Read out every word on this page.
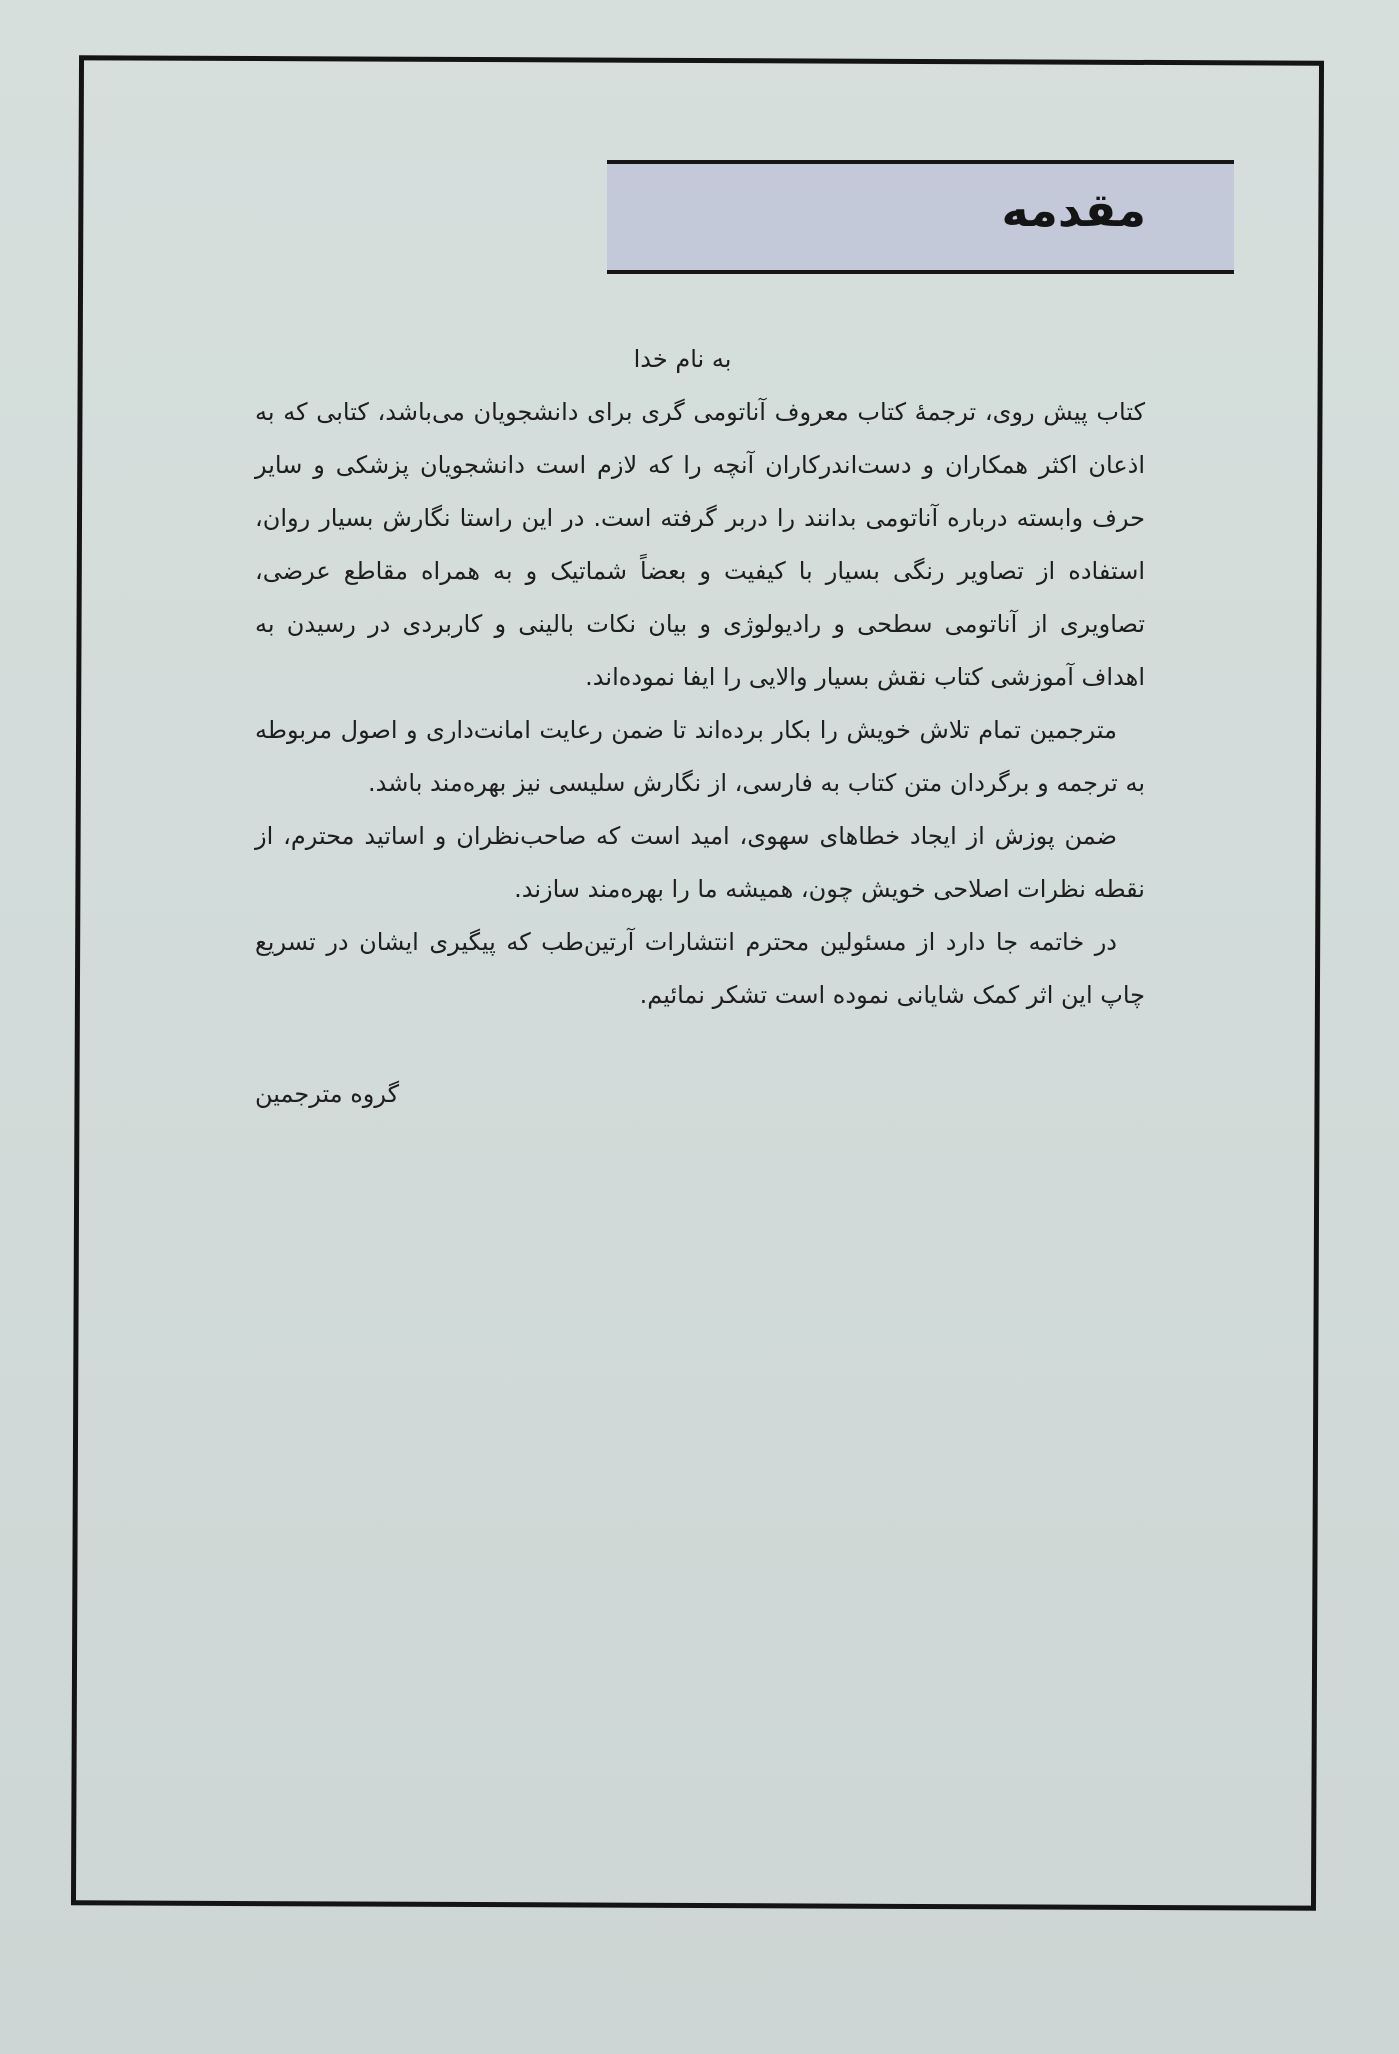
مقدمه

به نام خدا

کتاب پیش روی، ترجمهٔ کتاب معروف آناتومی گری برای دانشجویان می‌باشد، کتابی که به اذعان اکثر همکاران و دست‌اندرکاران آنچه را که لازم است دانشجویان پزشکی و سایر حرف وابسته درباره آناتومی بدانند را دربر گرفته است. در این راستا نگارش بسیار روان، استفاده از تصاویر رنگی بسیار با کیفیت و بعضاً شماتیک و به همراه مقاطع عرضی، تصاویری از آناتومی سطحی و رادیولوژی و بیان نکات بالینی و کاربردی در رسیدن به اهداف آموزشی کتاب نقش بسیار والایی را ایفا نموده‌اند.

مترجمین تمام تلاش خویش را بکار برده‌اند تا ضمن رعایت امانت‌داری و اصول مربوطه به ترجمه و برگردان متن کتاب به فارسی، از نگارش سلیسی نیز بهره‌مند باشد.

ضمن پوزش از ایجاد خطاهای سهوی، امید است که صاحب‌نظران و اساتید محترم، از نقطه نظرات اصلاحی خویش چون، همیشه ما را بهره‌مند سازند.

در خاتمه جا دارد از مسئولین محترم انتشارات آرتین‌طب که پیگیری ایشان در تسریع چاپ این اثر کمک شایانی نموده است تشکر نمائیم.

گروه مترجمین
